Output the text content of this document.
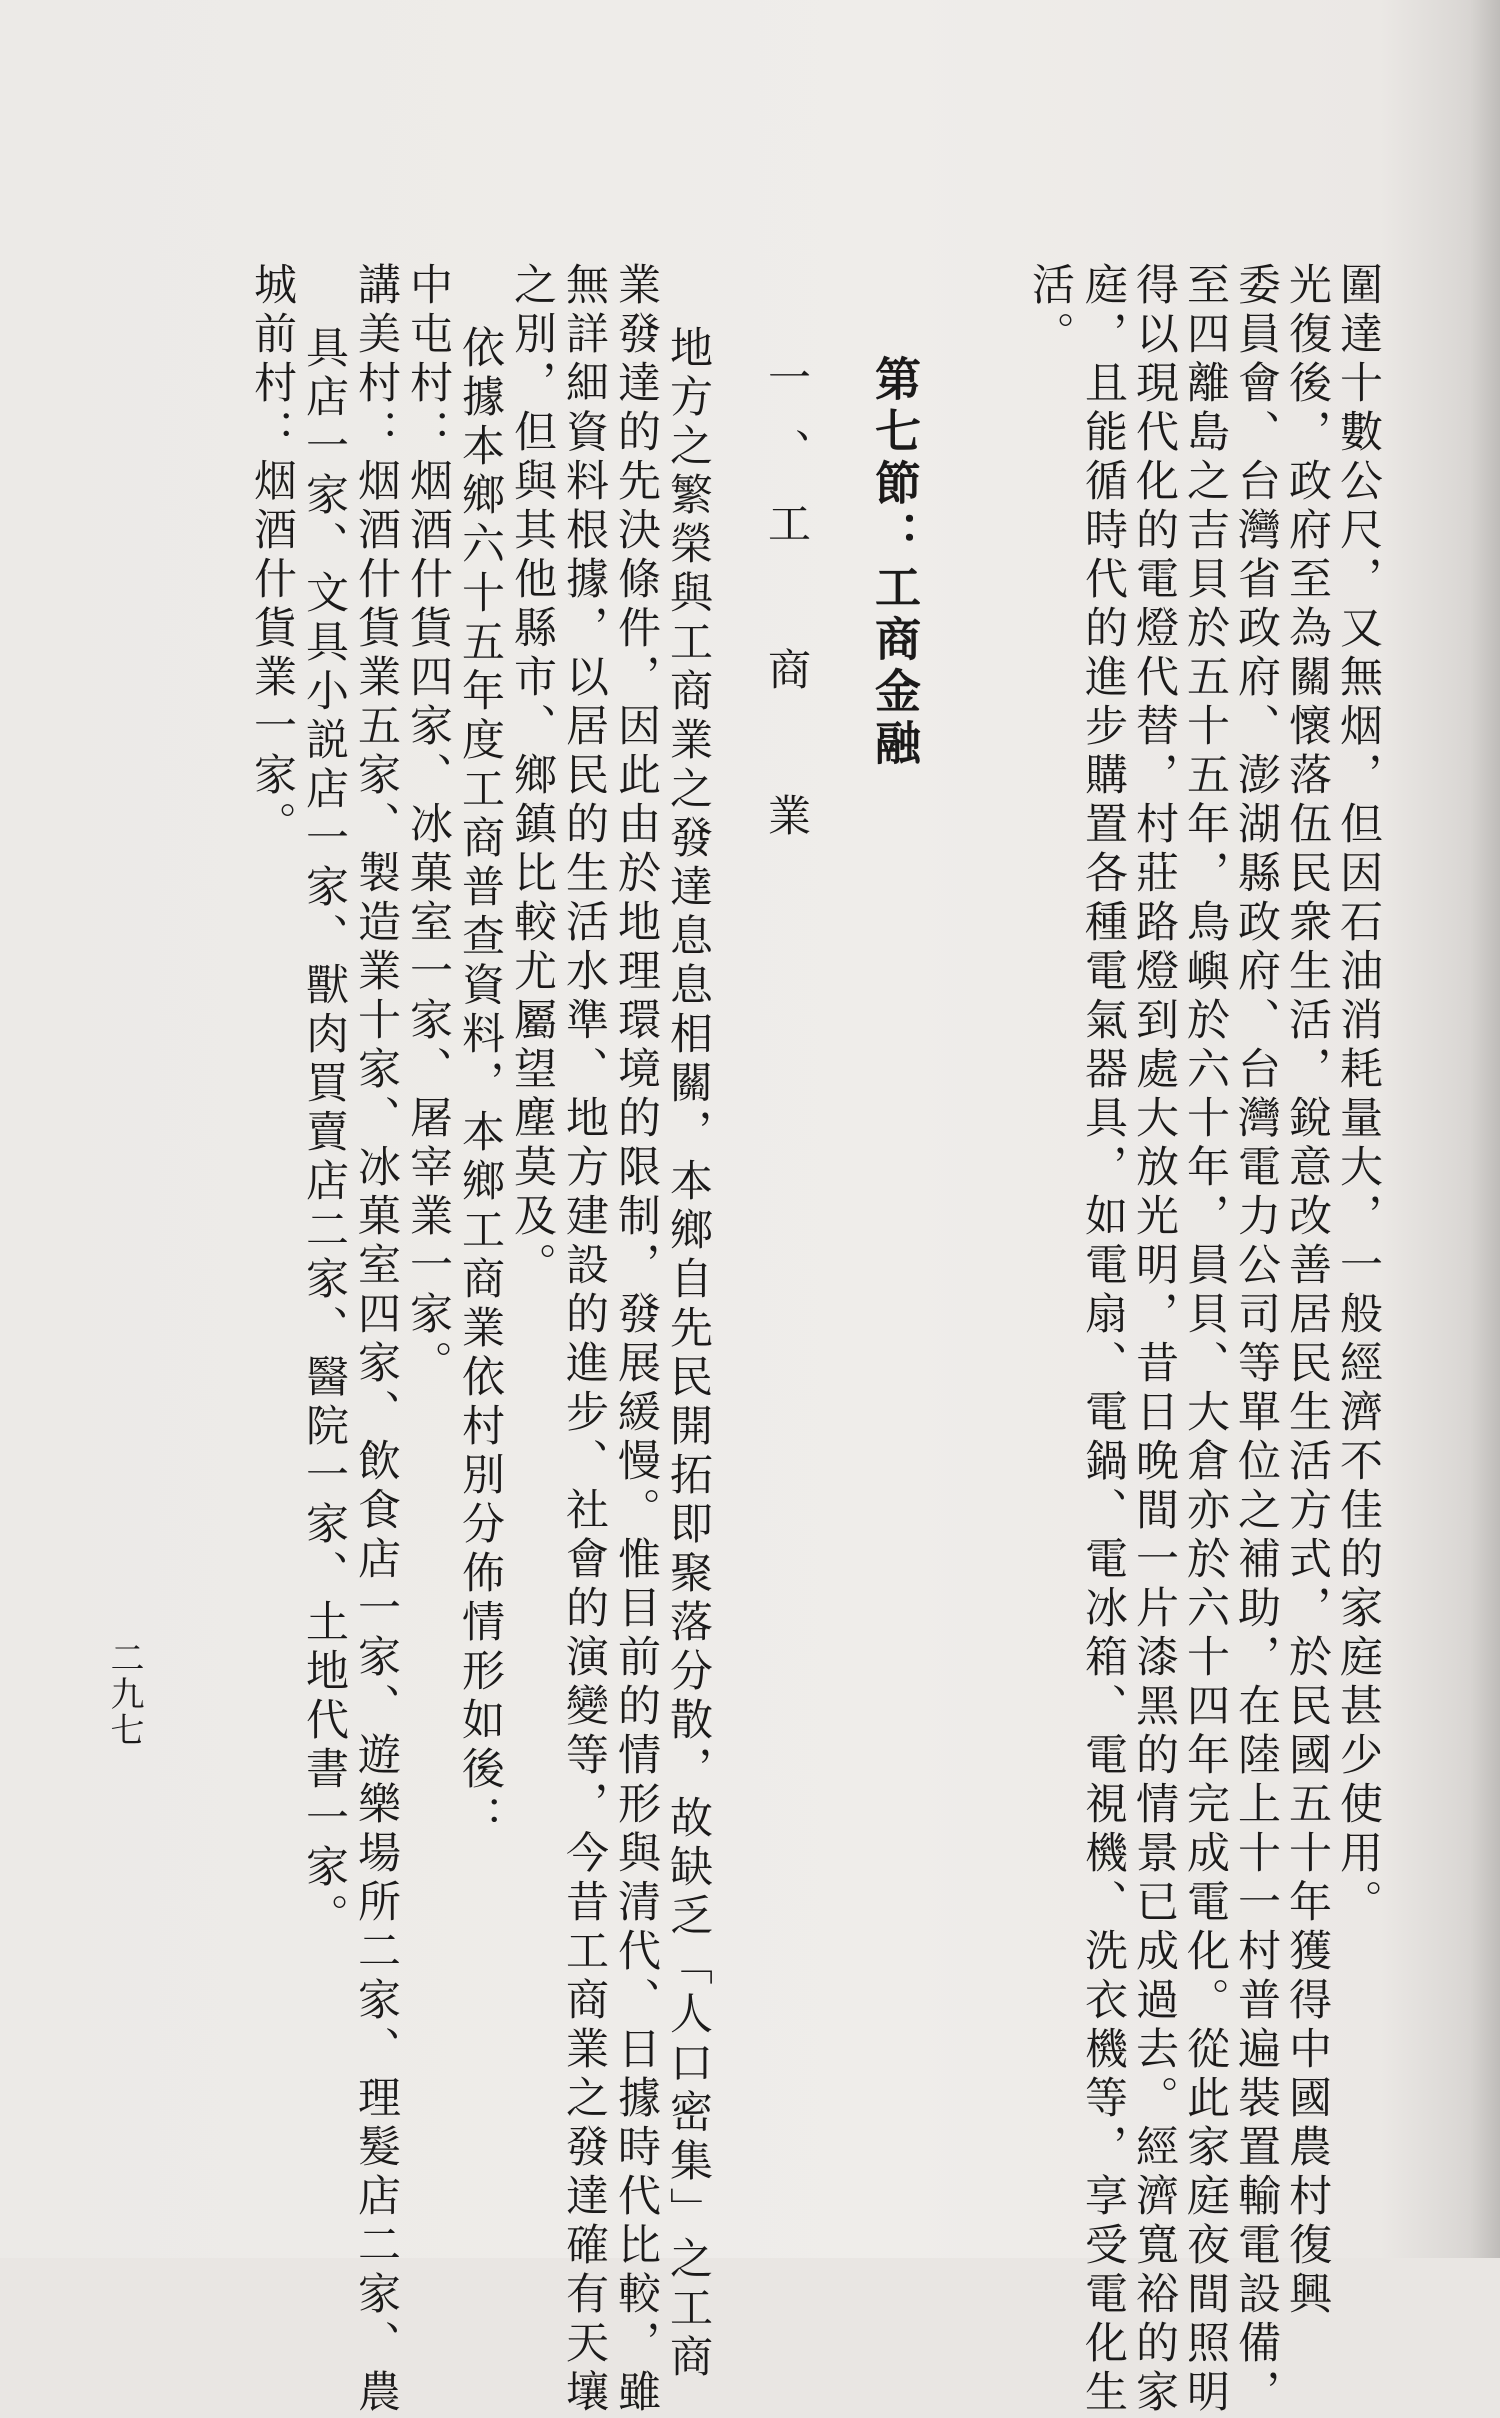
圍達十數公尺，又無烟，但因石油消耗量大，一般經濟不佳的家庭甚少使用。
光復後，政府至為關懷落伍民衆生活，銳意改善居民生活方式，於民國五十年獲得中國農村復興
委員會、台灣省政府、澎湖縣政府、台灣電力公司等單位之補助，在陸上十一村普遍裝置輸電設備，
至四離島之吉貝於五十五年，鳥嶼於六十年，員貝、大倉亦於六十四年完成電化。從此家庭夜間照明
得以現代化的電燈代替，村莊路燈到處大放光明，昔日晚間一片漆黑的情景已成過去。經濟寬裕的家
庭，且能循時代的進步購置各種電氣器具，如電扇、電鍋、電冰箱、電視機、洗衣機等，享受電化生
活。
第七節：工商金融
一、工　商　業
地方之繁榮與工商業之發達息息相關，本鄉自先民開拓即聚落分散，故缺乏「人口密集」之工商
業發達的先決條件，因此由於地理環境的限制，發展緩慢。惟目前的情形與清代、日據時代比較，雖
無詳細資料根據，以居民的生活水準、地方建設的進步、社會的演變等，今昔工商業之發達確有天壤
之別，但與其他縣市、鄉鎮比較尤屬望塵莫及。
依據本鄉六十五年度工商普查資料，本鄉工商業依村別分佈情形如後：
中屯村：烟酒什貨四家、冰菓室一家、屠宰業一家。
講美村：烟酒什貨業五家、製造業十家、冰菓室四家、飲食店一家、遊樂場所二家、理髮店二家、農
具店一家、文具小説店一家、獸肉買賣店二家、醫院一家、土地代書一家。
城前村：烟酒什貨業一家。
二九七
